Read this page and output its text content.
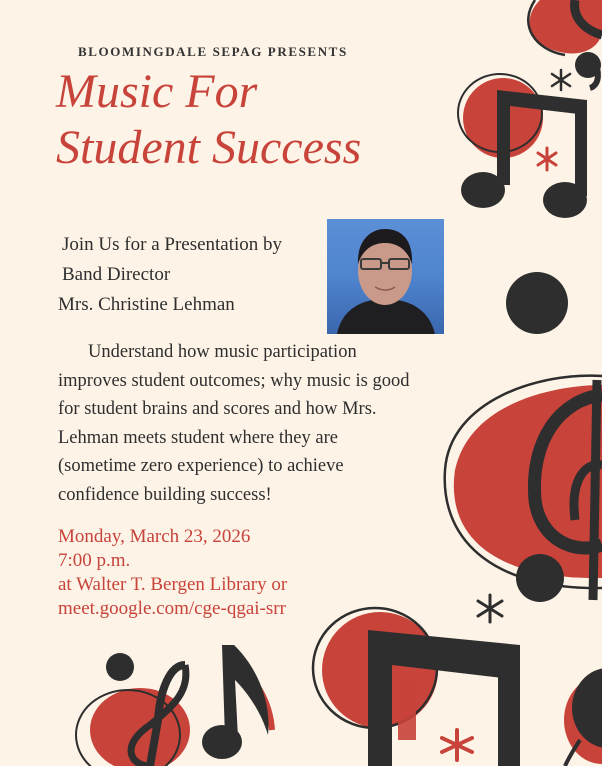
BLOOMINGDALE SEPAG PRESENTS
Music For
Student Success
Join Us for a Presentation by
Band Director
Mrs. Christine Lehman

Understand how music participation improves student outcomes; why music is good for student brains and scores and how Mrs. Lehman meets student where they are (sometime zero experience) to achieve confidence building success!

Monday, March 23, 2026
7:00 p.m.
at Walter T. Bergen Library or
meet.google.com/cge-qgai-srr
